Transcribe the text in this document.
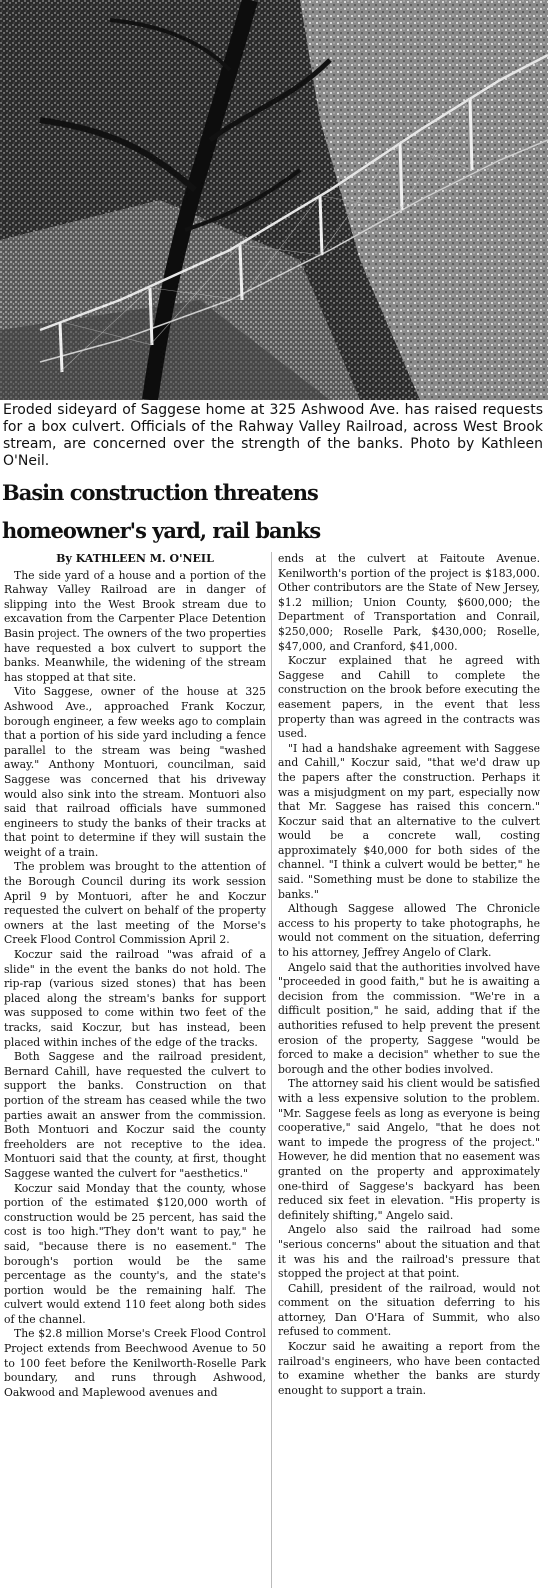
Eroded sideyard of Saggese home at 325 Ashwood Ave. has raised requests for a box culvert. Officials of the Rahway Valley Railroad, across West Brook stream, are concerned over the strength of the banks. Photo by Kathleen O'Neil.
Basin construction threatens
homeowner's yard, rail banks
By KATHLEEN M. O'NEIL

The side yard of a house and a portion of the Rahway Valley Railroad are in danger of slipping into the West Brook stream due to excavation from the Carpenter Place Detention Basin project. The owners of the two properties have requested a box culvert to support the banks. Meanwhile, the widening of the stream has stopped at that site.

Vito Saggese, owner of the house at 325 Ashwood Ave., approached Frank Koczur, borough engineer, a few weeks ago to complain that a portion of his side yard including a fence parallel to the stream was being "washed away." Anthony Montuori, councilman, said Saggese was concerned that his driveway would also sink into the stream. Montuori also said that railroad officials have summoned engineers to study the banks of their tracks at that point to determine if they will sustain the weight of a train.

The problem was brought to the attention of the Borough Council during its work session April 9 by Montuori, after he and Koczur requested the culvert on behalf of the property owners at the last meeting of the Morse's Creek Flood Control Commission April 2.

Koczur said the railroad "was afraid of a slide" in the event the banks do not hold. The rip-rap (various sized stones) that has been placed along the stream's banks for support was supposed to come within two feet of the tracks, said Koczur, but has instead, been placed within inches of the edge of the tracks.

Both Saggese and the railroad president, Bernard Cahill, have requested the culvert to support the banks. Construction on that portion of the stream has ceased while the two parties await an answer from the commission. Both Montuori and Koczur said the county freeholders are not receptive to the idea. Montuori said that the county, at first, thought Saggese wanted the culvert for "aesthetics."

Koczur said Monday that the county, whose portion of the estimated $120,000 worth of construction would be 25 percent, has said the cost is too high."They don't want to pay," he said, "because there is no easement." The borough's portion would be the same percentage as the county's, and the state's portion would be the remaining half. The culvert would extend 110 feet along both sides of the channel.

The $2.8 million Morse's Creek Flood Control Project extends from Beechwood Avenue to 50 to 100 feet before the Kenilworth-Roselle Park boundary, and runs through Ashwood, Oakwood and Maplewood avenues and

ends at the culvert at Faitoute Avenue. Kenilworth's portion of the project is $183,000. Other contributors are the State of New Jersey, $1.2 million; Union County, $600,000; the Department of Transportation and Conrail, $250,000; Roselle Park, $430,000; Roselle, $47,000, and Cranford, $41,000.

Koczur explained that he agreed with Saggese and Cahill to complete the construction on the brook before executing the easement papers, in the event that less property than was agreed in the contracts was used.

"I had a handshake agreement with Saggese and Cahill," Koczur said, "that we'd draw up the papers after the construction. Perhaps it was a misjudgment on my part, especially now that Mr. Saggese has raised this concern." Koczur said that an alternative to the culvert would be a concrete wall, costing approximately $40,000 for both sides of the channel. "I think a culvert would be better," he said. "Something must be done to stabilize the banks."

Although Saggese allowed The Chronicle access to his property to take photographs, he would not comment on the situation, deferring to his attorney, Jeffrey Angelo of Clark.

Angelo said that the authorities involved have "proceeded in good faith," but he is awaiting a decision from the commission. "We're in a difficult position," he said, adding that if the authorities refused to help prevent the present erosion of the property, Saggese "would be forced to make a decision" whether to sue the borough and the other bodies involved.

The attorney said his client would be satisfied with a less expensive solution to the problem. "Mr. Saggese feels as long as everyone is being cooperative," said Angelo, "that he does not want to impede the progress of the project." However, he did mention that no easement was granted on the property and approximately one-third of Saggese's backyard has been reduced six feet in elevation. "His property is definitely shifting," Angelo said.

Angelo also said the railroad had some "serious concerns" about the situation and that it was his and the railroad's pressure that stopped the project at that point.

Cahill, president of the railroad, would not comment on the situation deferring to his attorney, Dan O'Hara of Summit, who also refused to comment.

Koczur said he awaiting a report from the railroad's engineers, who have been contacted to examine whether the banks are sturdy enought to support a train.
